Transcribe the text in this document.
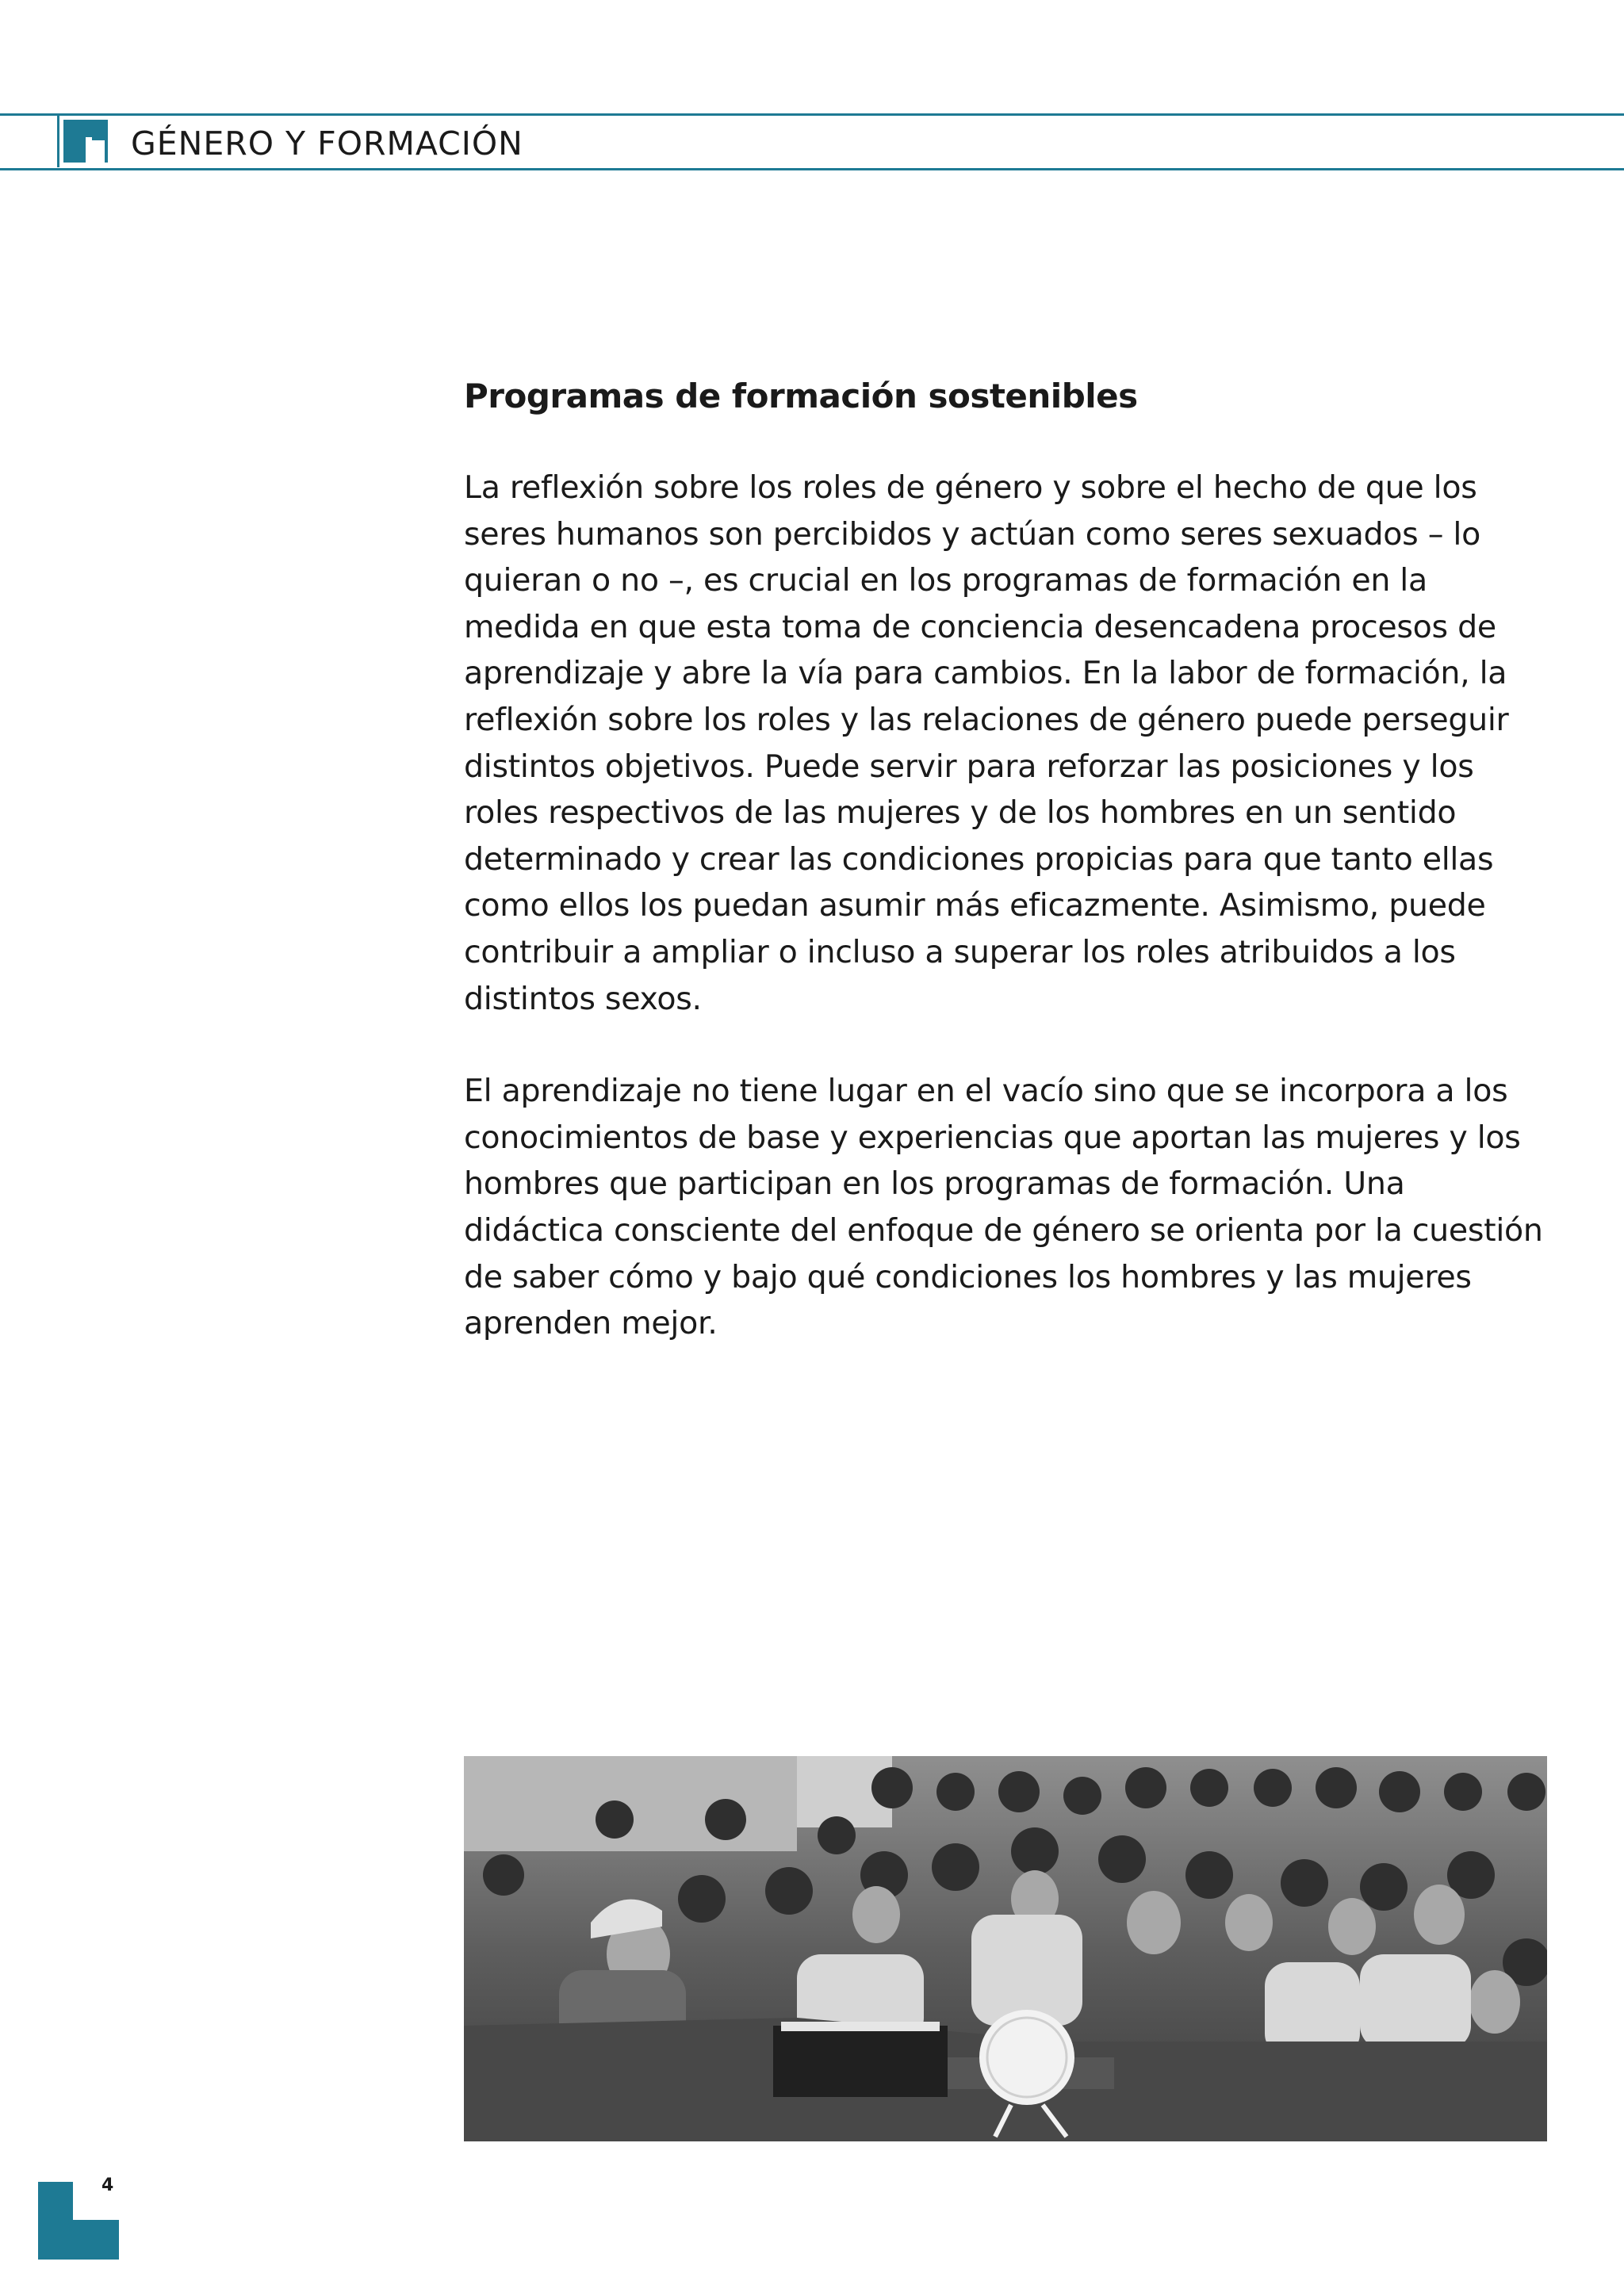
GÉNERO Y FORMACIÓN
Programas de formación sostenibles

La reflexión sobre los roles de género y sobre el hecho de que los seres humanos son percibidos y actúan como seres sexuados – lo quieran o no –, es crucial en los programas de formación en la medida en que esta toma de conciencia desencadena procesos de aprendizaje y abre la vía para cambios. En la labor de formación, la reflexión sobre los roles y las relaciones de género puede perseguir distintos objetivos. Puede servir para reforzar las posiciones y los roles respectivos de las mujeres y de los hombres en un sentido determinado y crear las condiciones propicias para que tanto ellas como ellos los puedan asumir más eficazmente. Asimismo, puede contribuir a ampliar o incluso a superar los roles atribuidos a los distintos sexos.

El aprendizaje no tiene lugar en el vacío sino que se incorpora a los conocimientos de base y experiencias que aportan las mujeres y los hombres que participan en los programas de formación. Una didáctica consciente del enfoque de género se orienta por la cuestión de saber cómo y bajo qué condiciones los hombres y las mujeres aprenden mejor.

4
